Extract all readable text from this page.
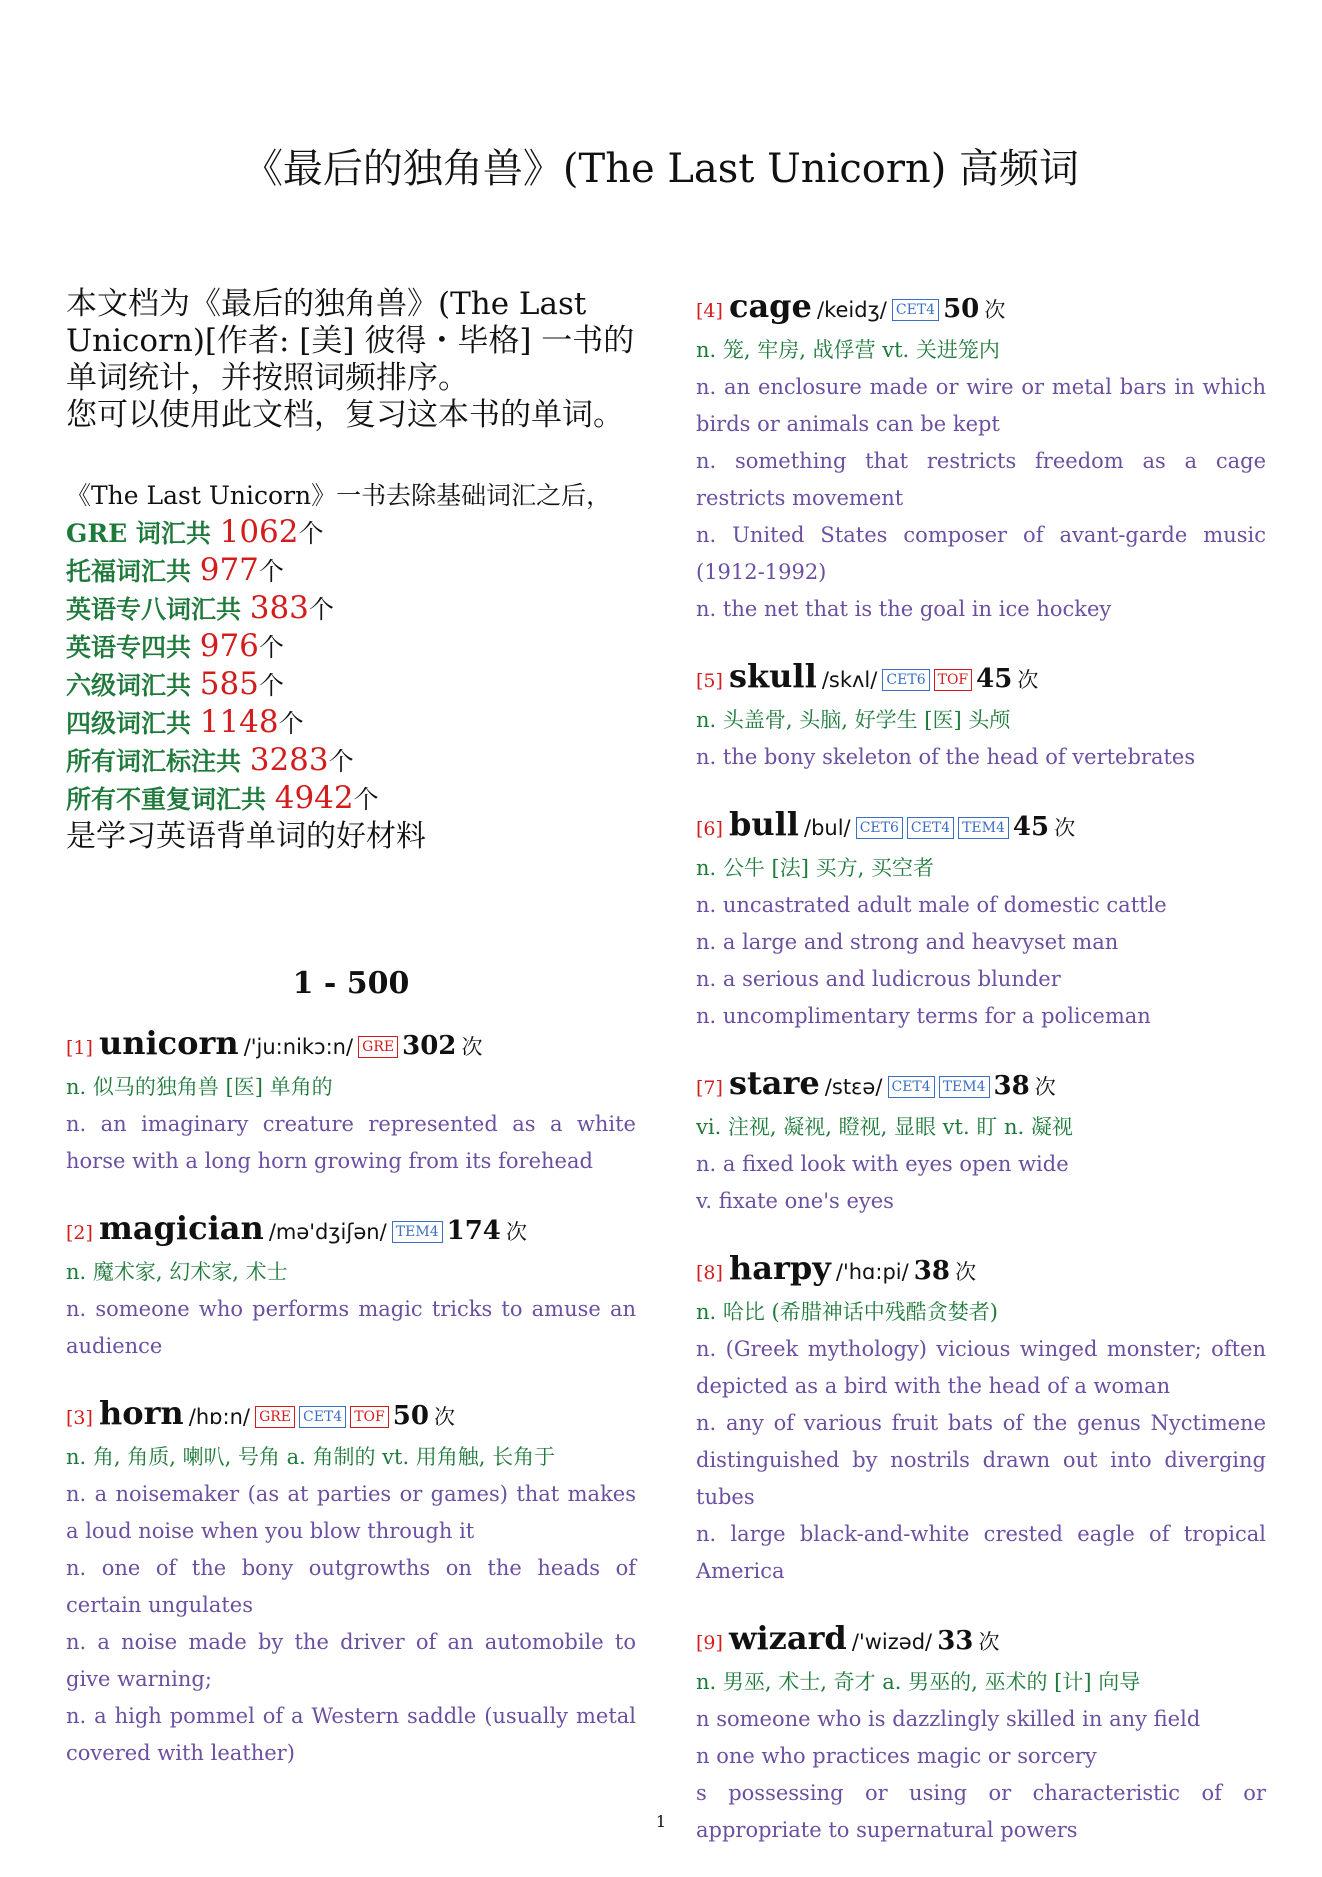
《最后的独角兽》(The Last Unicorn) 高频词

本文档为《最后的独角兽》(The Last Unicorn)[作者: [美] 彼得・毕格] 一书的单词统计，并按照词频排序。
您可以使用此文档，复习这本书的单词。

《The Last Unicorn》一书去除基础词汇之后，
GRE 词汇共 1062个
托福词汇共 977个
英语专八词汇共 383个
英语专四共 976个
六级词汇共 585个
四级词汇共 1148个
所有词汇标注共 3283个
所有不重复词汇共 4942个
是学习英语背单词的好材料
1 - 500
[1] unicorn /'ju:nikɔ:n/ GRE 302 次
n. 似马的独角兽 [医] 单角的
n. an imaginary creature represented as a white horse with a long horn growing from its forehead
[2] magician /mə'dʒiʃən/ TEM4 174 次
n. 魔术家, 幻术家, 术士
n. someone who performs magic tricks to amuse an audience
[3] horn /hɒ:n/ GRE CET4 TOF 50 次
n. 角, 角质, 喇叭, 号角 a. 角制的 vt. 用角触, 长角于
n. a noisemaker (as at parties or games) that makes a loud noise when you blow through it
n. one of the bony outgrowths on the heads of certain ungulates
n. a noise made by the driver of an automobile to give warning;
n. a high pommel of a Western saddle (usually metal covered with leather)
[4] cage /keidʒ/ CET4 50 次
n. 笼, 牢房, 战俘营 vt. 关进笼内
n. an enclosure made or wire or metal bars in which birds or animals can be kept
n. something that restricts freedom as a cage restricts movement
n. United States composer of avant-garde music (1912-1992)
n. the net that is the goal in ice hockey
[5] skull /skʌl/ CET6 TOF 45 次
n. 头盖骨, 头脑, 好学生 [医] 头颅
n. the bony skeleton of the head of vertebrates
[6] bull /bul/ CET6 CET4 TEM4 45 次
n. 公牛 [法] 买方, 买空者
n. uncastrated adult male of domestic cattle
n. a large and strong and heavyset man
n. a serious and ludicrous blunder
n. uncomplimentary terms for a policeman
[7] stare /stεə/ CET4 TEM4 38 次
vi. 注视, 凝视, 瞪视, 显眼 vt. 盯 n. 凝视
n. a fixed look with eyes open wide
v. fixate one's eyes
[8] harpy /'hɑ:pi/ 38 次
n. 哈比 (希腊神话中残酷贪婪者)
n. (Greek mythology) vicious winged monster; often depicted as a bird with the head of a woman
n. any of various fruit bats of the genus Nyctimene distinguished by nostrils drawn out into diverging tubes
n. large black-and-white crested eagle of tropical America
[9] wizard /'wizəd/ 33 次
n. 男巫, 术士, 奇才 a. 男巫的, 巫术的 [计] 向导
n someone who is dazzlingly skilled in any field
n one who practices magic or sorcery
s possessing or using or characteristic of or appropriate to supernatural powers
1
